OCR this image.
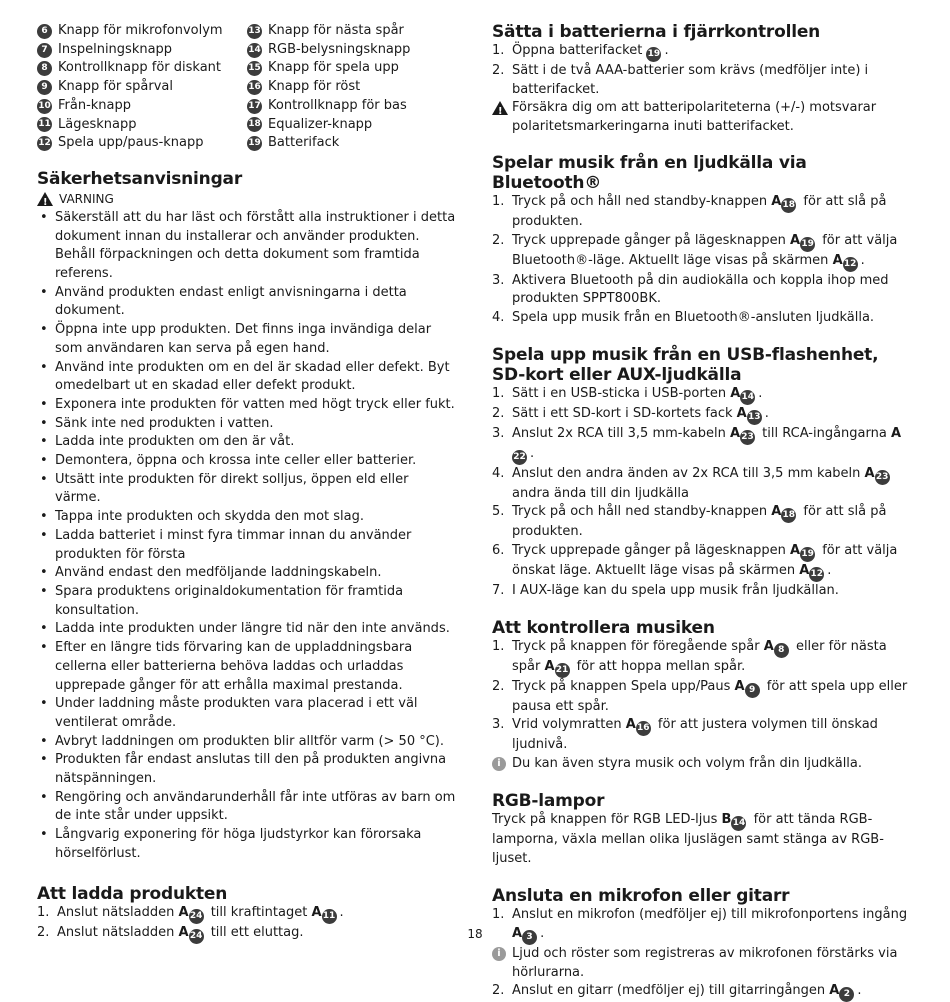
6 Knapp för mikrofonvolym
7 Inspelningsknapp
8 Kontrollknapp för diskant
9 Knapp för spårval
10 Från-knapp
11 Lägesknapp
12 Spela upp/paus-knapp
13 Knapp för nästa spår
14 RGB-belysningsknapp
15 Knapp för spela upp
16 Knapp för röst
17 Kontrollknapp för bas
18 Equalizer-knapp
19 Batterifack
Säkerhetsanvisningar
!
VARNING
• Säkerställ att du har läst och förstått alla instruktioner i detta dokument innan du installerar och använder produkten. Behåll förpackningen och detta dokument som framtida referens.
• Använd produkten endast enligt anvisningarna i detta dokument.
• Öppna inte upp produkten. Det finns inga invändiga delar som användaren kan serva på egen hand.
• Använd inte produkten om en del är skadad eller defekt. Byt omedelbart ut en skadad eller defekt produkt.
• Exponera inte produkten för vatten med högt tryck eller fukt.
• Sänk inte ned produkten i vatten.
• Ladda inte produkten om den är våt.
• Demontera, öppna och krossa inte celler eller batterier.
• Utsätt inte produkten för direkt solljus, öppen eld eller värme.
• Tappa inte produkten och skydda den mot slag.
• Ladda batteriet i minst fyra timmar innan du använder produkten för första
• Använd endast den medföljande laddningskabeln.
• Spara produktens originaldokumentation för framtida konsultation.
• Ladda inte produkten under längre tid när den inte används.
• Efter en längre tids förvaring kan de uppladdningsbara cellerna eller batterierna behöva laddas och urladdas upprepade gånger för att erhålla maximal prestanda.
• Under laddning måste produkten vara placerad i ett väl ventilerat område.
• Avbryt laddningen om produkten blir alltför varm (> 50 °C).
• Produkten får endast anslutas till den på produkten angivna nätspänningen.
• Rengöring och användarunderhåll får inte utföras av barn om de inte står under uppsikt.
• Långvarig exponering för höga ljudstyrkor kan förorsaka hörselförlust.
Att ladda produkten
1. Anslut nätsladden A24 till kraftintaget A11 .
2. Anslut nätsladden A24 till ett eluttag.
Sätta i batterierna i fjärrkontrollen
1. Öppna batterifacket 19 .
2. Sätt i de två AAA-batterier som krävs (medföljer inte) i batterifacket.
!
Försäkra dig om att batteripolariteterna (+/-) motsvarar polaritetsmarkeringarna inuti batterifacket.
Spelar musik från en ljudkälla via Bluetooth®
1. Tryck på och håll ned standby-knappen A18 för att slå på produkten.
2. Tryck upprepade gånger på lägesknappen A19 för att välja Bluetooth®-läge. Aktuellt läge visas på skärmen A12 .
3. Aktivera Bluetooth på din audiokälla och koppla ihop med produkten SPPT800BK.
4. Spela upp musik från en Bluetooth®-ansluten ljudkälla.
Spela upp musik från en USB-flashenhet, SD-kort eller AUX-ljudkälla
1. Sätt i en USB-sticka i USB-porten A14 .
2. Sätt i ett SD-kort i SD-kortets fack A13 .
3. Anslut 2x RCA till 3,5 mm-kabeln A23 till RCA-ingångarna A22 .
4. Anslut den andra änden av 2x RCA till 3,5 mm kabeln A23 andra ända till din ljudkälla
5. Tryck på och håll ned standby-knappen A18 för att slå på produkten.
6. Tryck upprepade gånger på lägesknappen A19 för att välja önskat läge. Aktuellt läge visas på skärmen A12 .
7. I AUX-läge kan du spela upp musik från ljudkällan.
Att kontrollera musiken
1. Tryck på knappen för föregående spår A 8 eller för nästa spår A21 för att hoppa mellan spår.
2. Tryck på knappen Spela upp/Paus A 9 för att spela upp eller pausa ett spår.
3. Vrid volymratten A16 för att justera volymen till önskad ljudnivå.
i Du kan även styra musik och volym från din ljudkälla.
RGB-lampor

Tryck på knappen för RGB LED-ljus B14 för att tända RGB-lamporna, växla mellan olika ljuslägen samt stänga av RGB-ljuset.

Ansluta en mikrofon eller gitarr
1. Anslut en mikrofon (medföljer ej) till mikrofonportens ingång A 3 .
i Ljud och röster som registreras av mikrofonen förstärks via hörlurarna.
2. Anslut en gitarr (medföljer ej) till gitarringången A 2 .
18
